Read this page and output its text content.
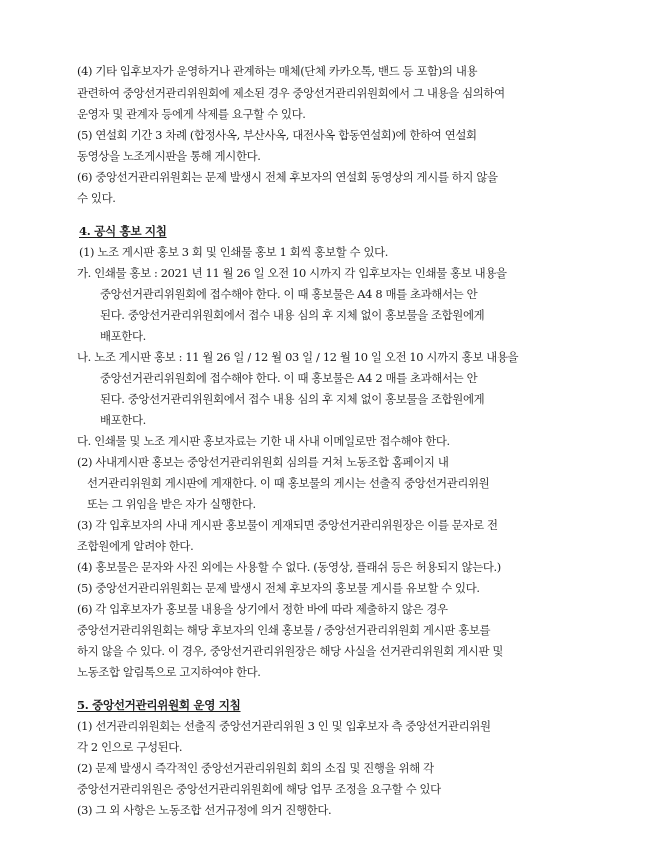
(4) 기타 입후보자가 운영하거나 관계하는 매체(단체 카카오톡, 밴드 등 포함)의 내용
관련하여 중앙선거관리위원회에 제소된 경우 중앙선거관리위원회에서 그 내용을 심의하여
운영자 및 관계자 등에게 삭제를 요구할 수 있다.
(5) 연설회 기간 3 차례 (합정사옥, 부산사옥, 대전사옥 합동연설회)에 한하여 연설회
동영상을 노조게시판을 통해 게시한다.
(6) 중앙선거관리위원회는 문제 발생시 전체 후보자의 연설회 동영상의 게시를 하지 않을
수 있다.
4. 공식 홍보 지침
(1) 노조 게시판 홍보 3 회 및 인쇄물 홍보 1 회씩 홍보할 수 있다.
가. 인쇄물 홍보 : 2021 년 11 월 26 일 오전 10 시까지 각 입후보자는 인쇄물 홍보 내용을
중앙선거관리위원회에 접수해야 한다. 이 때 홍보물은 A4 8 매를 초과해서는 안
된다. 중앙선거관리위원회에서 접수 내용 심의 후 지체 없이 홍보물을 조합원에게
배포한다.
나. 노조 게시판 홍보 : 11 월 26 일 / 12 월 03 일 / 12 월 10 일 오전 10 시까지 홍보 내용을
중앙선거관리위원회에 접수해야 한다. 이 때 홍보물은 A4 2 매를 초과해서는 안
된다. 중앙선거관리위원회에서 접수 내용 심의 후 지체 없이 홍보물을 조합원에게
배포한다.
다. 인쇄물 및 노조 게시판 홍보자료는 기한 내 사내 이메일로만 접수해야 한다.
(2) 사내게시판 홍보는 중앙선거관리위원회 심의를 거쳐 노동조합 홈페이지 내
선거관리위원회 게시판에 게재한다. 이 때 홍보물의 게시는 선출직 중앙선거관리위원
또는 그 위임을 받은 자가 실행한다.
(3) 각 입후보자의 사내 게시판 홍보물이 게재되면 중앙선거관리위원장은 이를 문자로 전
조합원에게 알려야 한다.
(4) 홍보물은 문자와 사진 외에는 사용할 수 없다. (동영상, 플래쉬 등은 허용되지 않는다.)
(5) 중앙선거관리위원회는 문제 발생시 전체 후보자의 홍보물 게시를 유보할 수 있다.
(6) 각 입후보자가 홍보물 내용을 상기에서 정한 바에 따라 제출하지 않은 경우
중앙선거관리위원회는 해당 후보자의 인쇄 홍보물 / 중앙선거관리위원회 게시판 홍보를
하지 않을 수 있다. 이 경우, 중앙선거관리위원장은 해당 사실을 선거관리위원회 게시판 및
노동조합 알림톡으로 고지하여야 한다.
5. 중앙선거관리위원회 운영 지침
(1) 선거관리위원회는 선출직 중앙선거관리위원 3 인 및 입후보자 측 중앙선거관리위원
각 2 인으로 구성된다.
(2) 문제 발생시 즉각적인 중앙선거관리위원회 회의 소집 및 진행을 위해 각
중앙선거관리위원은 중앙선거관리위원회에 해당 업무 조정을 요구할 수 있다
(3) 그 외 사항은 노동조합 선거규정에 의거 진행한다.
